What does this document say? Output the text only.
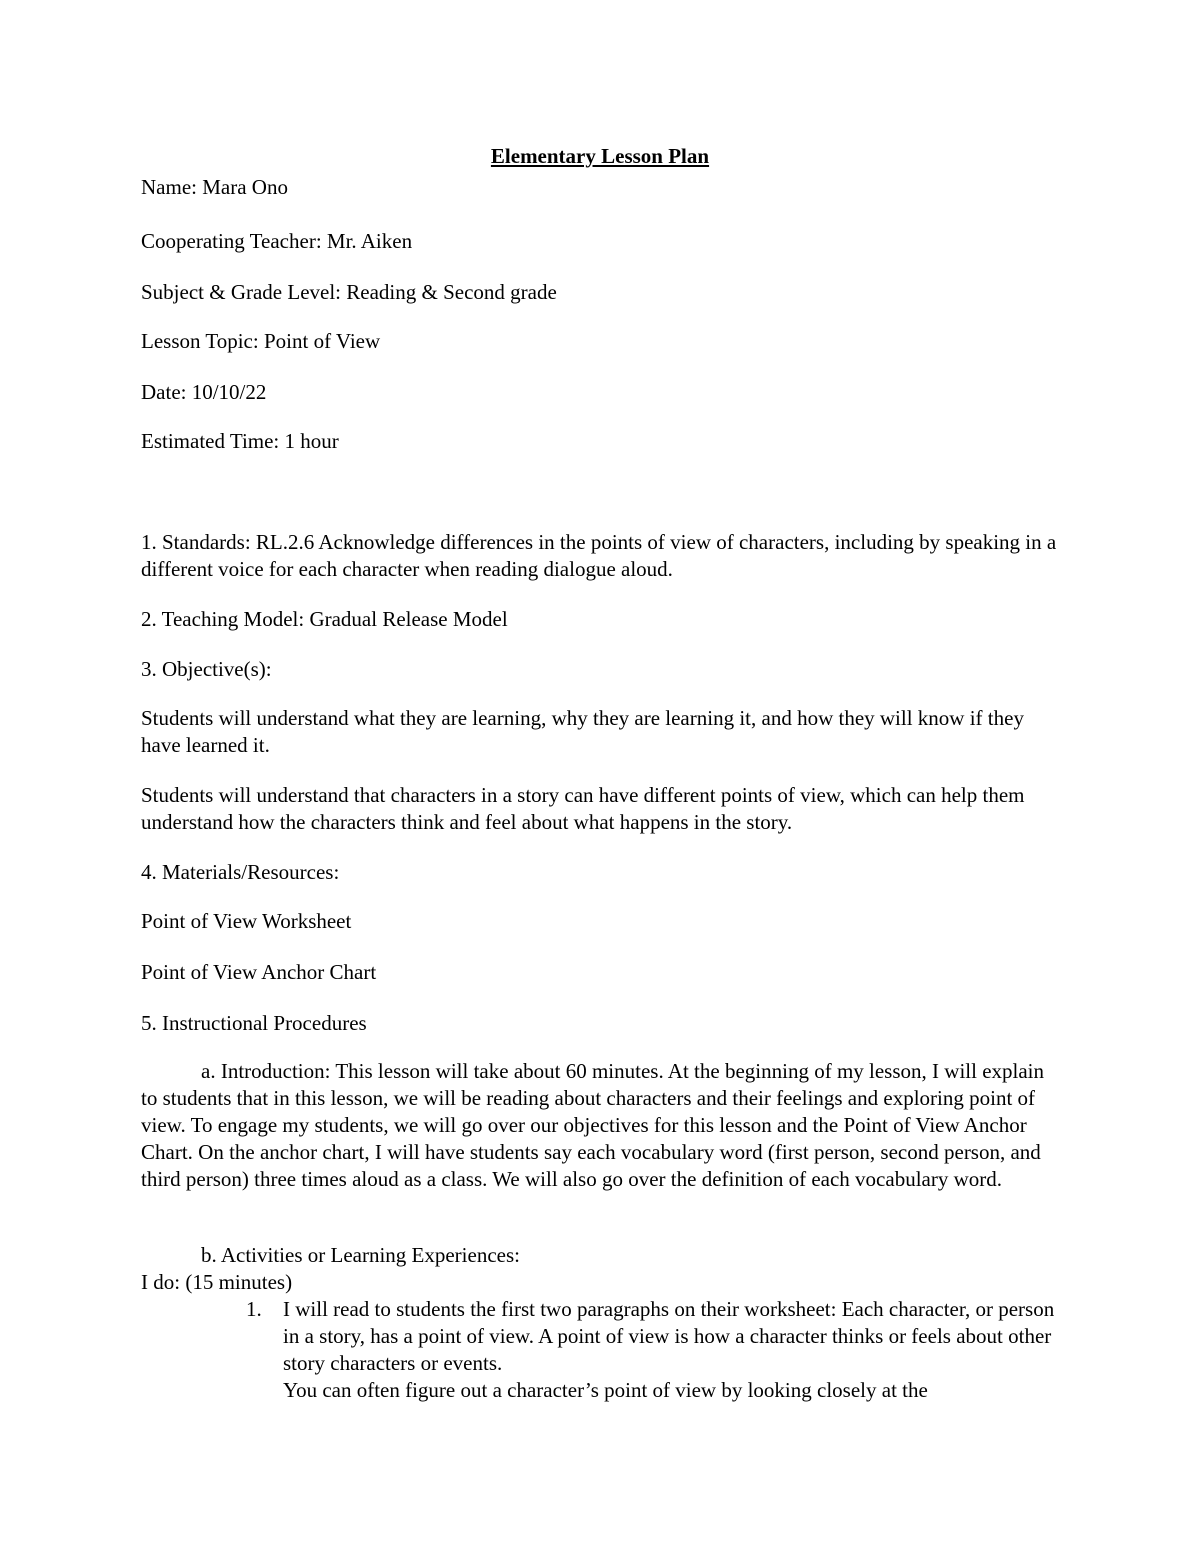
Elementary Lesson Plan
Name: Mara Ono
Cooperating Teacher: Mr. Aiken
Subject & Grade Level: Reading & Second grade
Lesson Topic: Point of View
Date: 10/10/22
Estimated Time: 1 hour
1. Standards: RL.2.6 Acknowledge differences in the points of view of characters, including by speaking in a different voice for each character when reading dialogue aloud.
2. Teaching Model: Gradual Release Model
3. Objective(s):
Students will understand what they are learning, why they are learning it, and how they will know if they have learned it.
Students will understand that characters in a story can have different points of view, which can help them understand how the characters think and feel about what happens in the story.
4. Materials/Resources:
Point of View Worksheet
Point of View Anchor Chart
5. Instructional Procedures
a. Introduction: This lesson will take about 60 minutes. At the beginning of my lesson, I will explain to students that in this lesson, we will be reading about characters and their feelings and exploring point of view. To engage my students, we will go over our objectives for this lesson and the Point of View Anchor Chart. On the anchor chart, I will have students say each vocabulary word (first person, second person, and third person) three times aloud as a class. We will also go over the definition of each vocabulary word.
b. Activities or Learning Experiences:
I do: (15 minutes)
1. I will read to students the first two paragraphs on their worksheet: Each character, or person in a story, has a point of view. A point of view is how a character thinks or feels about other story characters or events.
You can often figure out a character’s point of view by looking closely at the
